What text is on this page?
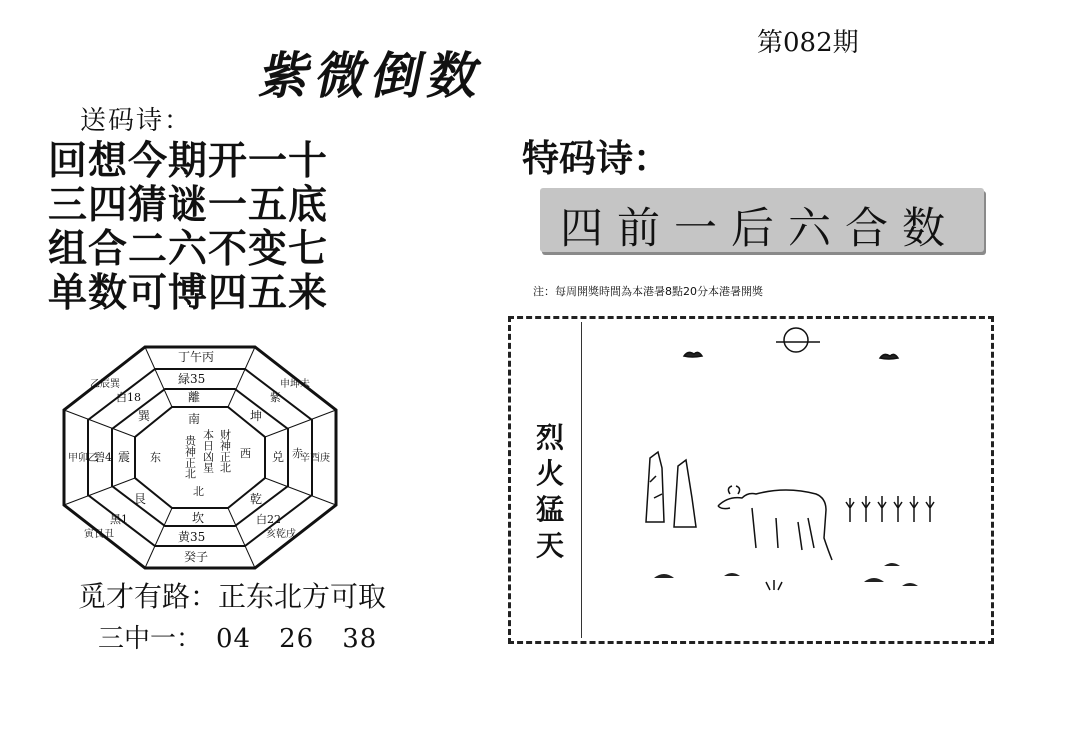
第082期
紫微倒数
送码诗：
回想今期开一十
三四猜谜一五底
组合二六不变七
单数可博四五来
南
本日凶星 财神正北
贵神正北
东	西
北
離
巽
震
艮
坎
乾
兑
坤
緑35
白18
碧4
黑1
黄35
白22
赤
紫
丁午丙
乙辰巽
甲卯乙
寅艮丑
癸子
亥乾戌
辛酉庚
申坤未
觅才有路：正东北方可取
三中一： 04 26 38
特码诗：
四前一后六合数
注：每周開獎時間為本港暑8點20分本港暑開獎
烈
火
猛
天
